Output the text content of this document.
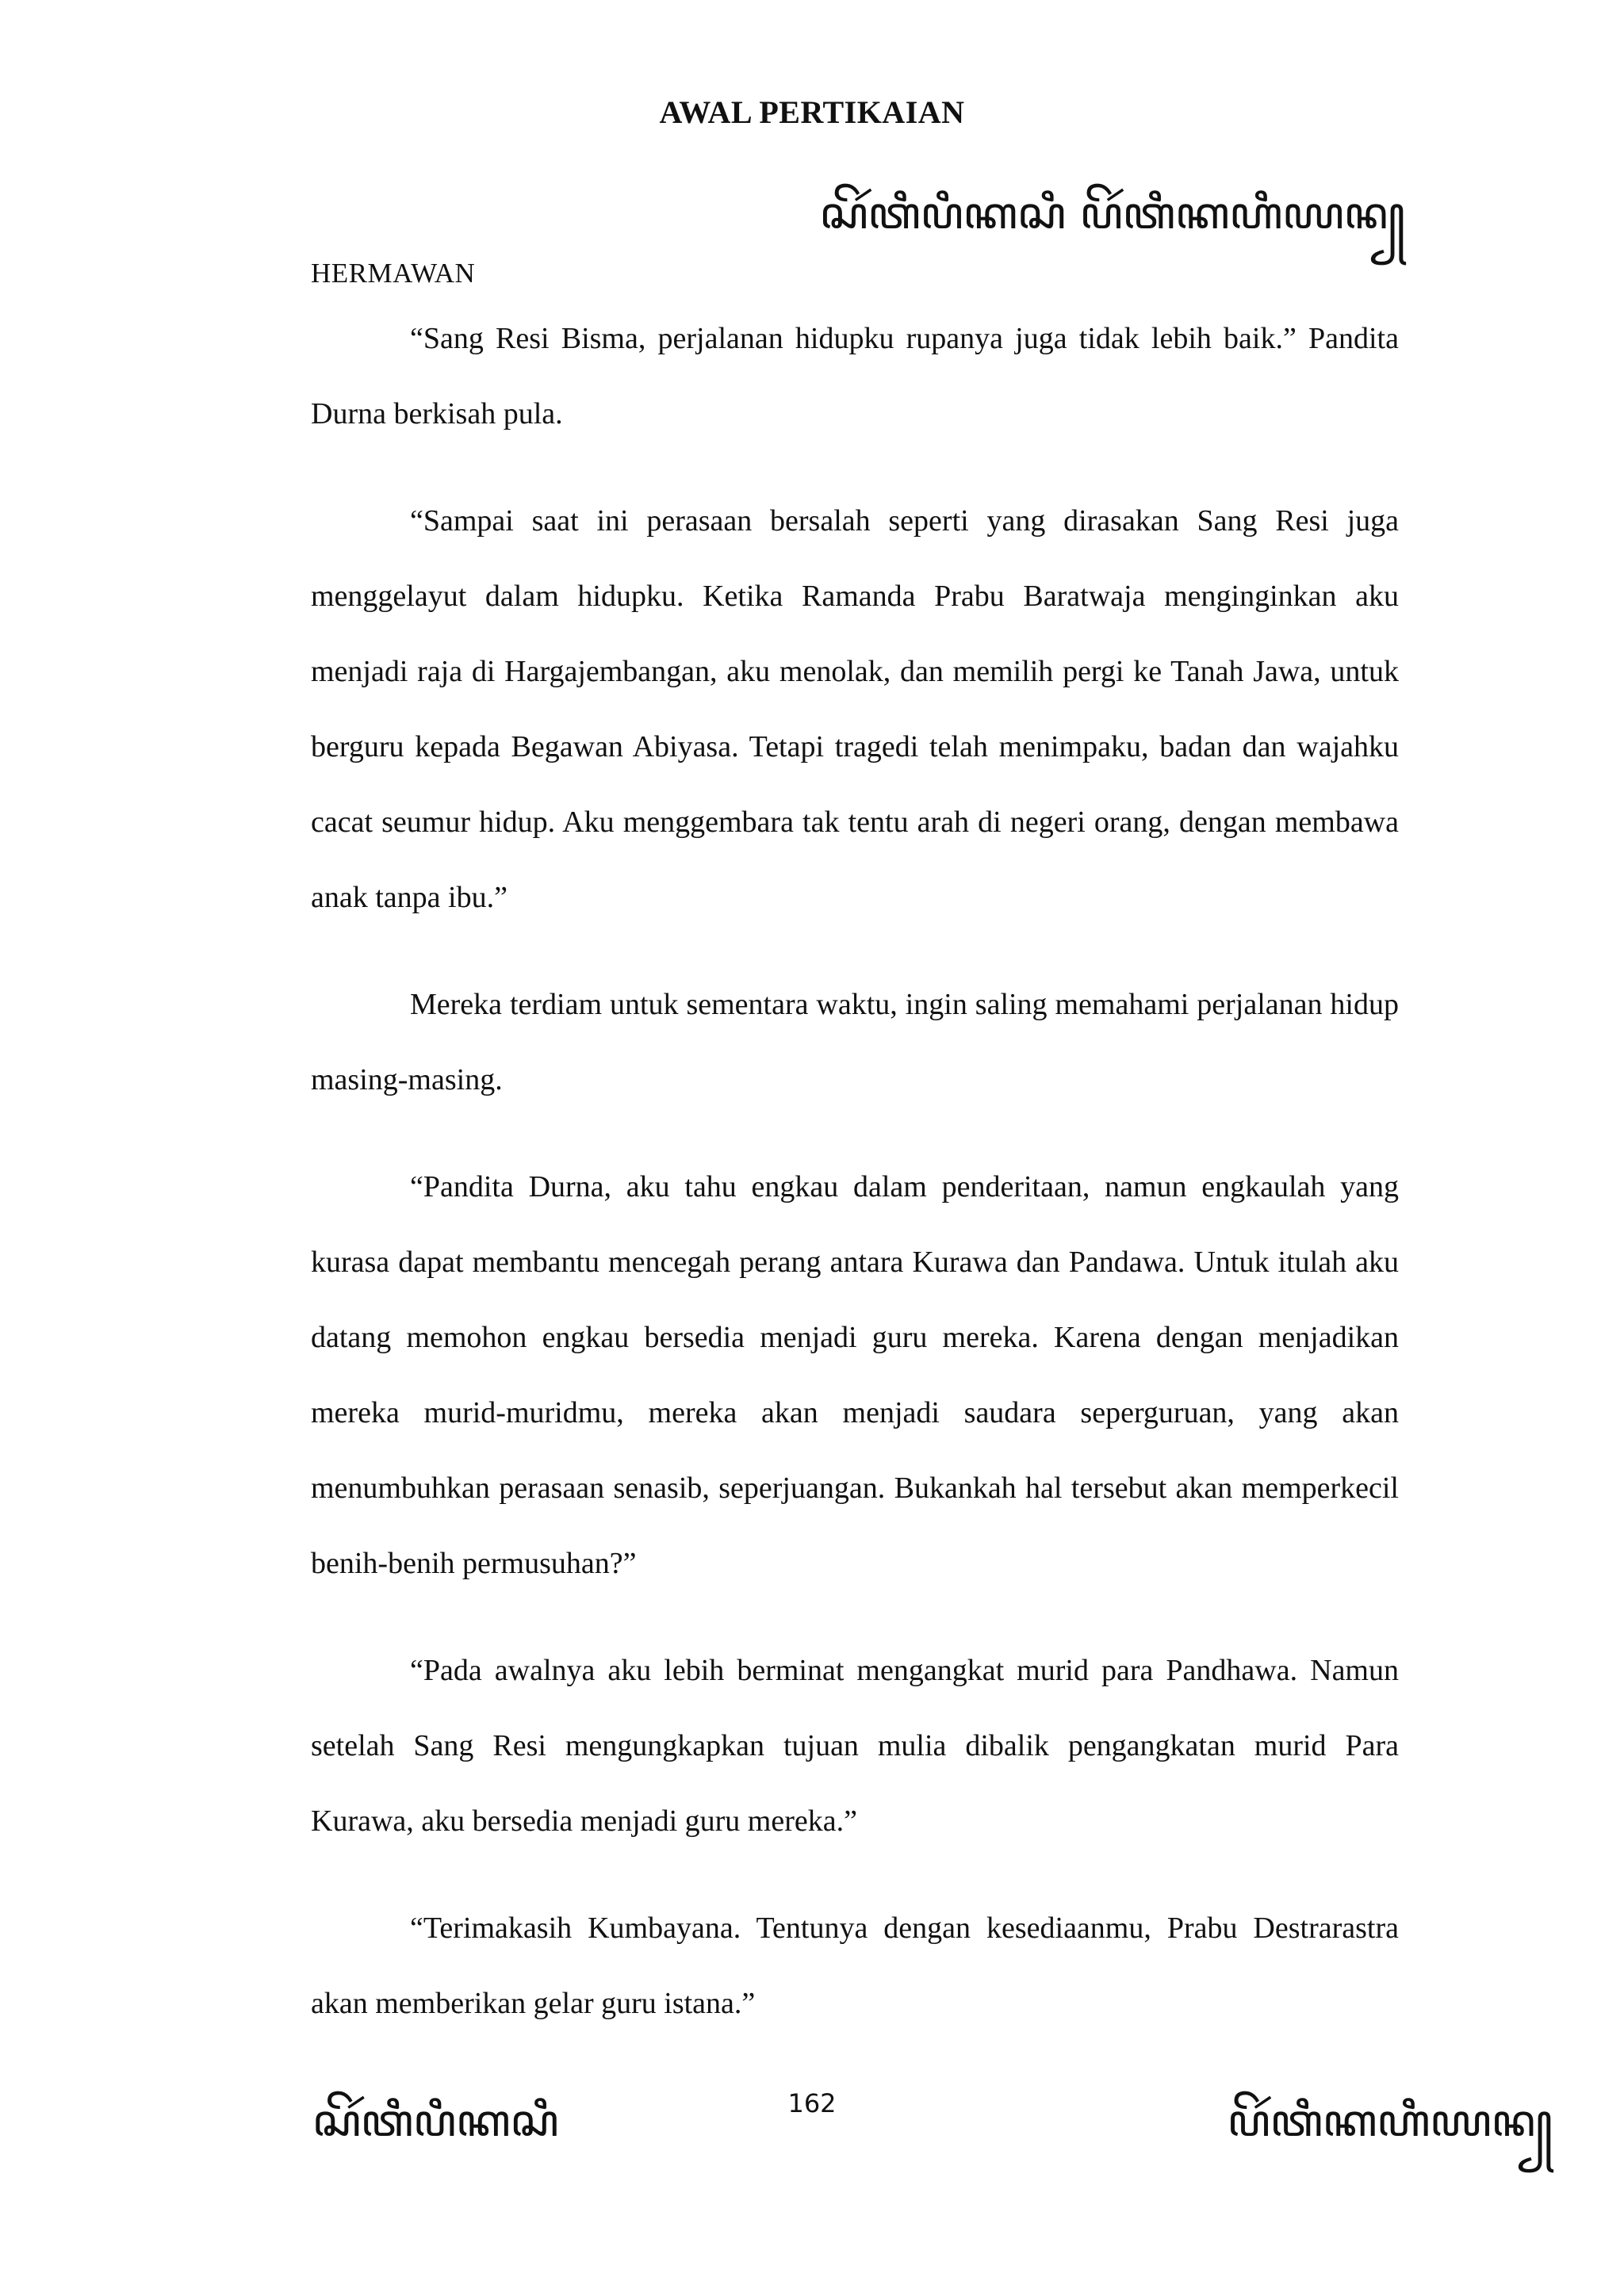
AWAL PERTIKAIAN
ꦱꦼꦂꦠꦶꦥꦶꦏꦱꦶ ꦥꦼꦂꦠꦶꦏꦲꦶꦪꦤ꧀
HERMAWAN

“Sang Resi Bisma, perjalanan hidupku rupanya juga tidak lebih baik.” Pandita Durna berkisah pula.

“Sampai saat ini perasaan bersalah seperti yang dirasakan Sang Resi juga menggelayut dalam hidupku. Ketika Ramanda Prabu Baratwaja menginginkan aku menjadi raja di Hargajembangan, aku menolak, dan memilih pergi ke Tanah Jawa, untuk berguru kepada Begawan Abiyasa. Tetapi tragedi telah menimpaku, badan dan wajahku cacat seumur hidup. Aku menggembara tak tentu arah di negeri orang, dengan membawa anak tanpa ibu.”

Mereka terdiam untuk sementara waktu, ingin saling memahami perjalanan hidup masing-masing.

“Pandita Durna, aku tahu engkau dalam penderitaan, namun engkaulah yang kurasa dapat membantu mencegah perang antara Kurawa dan Pandawa. Untuk itulah aku datang memohon engkau bersedia menjadi guru mereka. Karena dengan menjadikan mereka murid-muridmu, mereka akan menjadi saudara seperguruan, yang akan menumbuhkan perasaan senasib, seperjuangan. Bukankah hal tersebut akan memperkecil benih-benih permusuhan?”

“Pada awalnya aku lebih berminat mengangkat murid para Pandhawa. Namun setelah Sang Resi mengungkapkan tujuan mulia dibalik pengangkatan murid Para Kurawa, aku bersedia menjadi guru mereka.”

“Terimakasih Kumbayana. Tentunya dengan kesediaanmu, Prabu Destrarastra akan memberikan gelar guru istana.”

162
ꦱꦼꦂꦠꦶꦥꦶꦏꦱꦶ	ꦥꦼꦂꦠꦶꦏꦲꦶꦪꦤ꧀
